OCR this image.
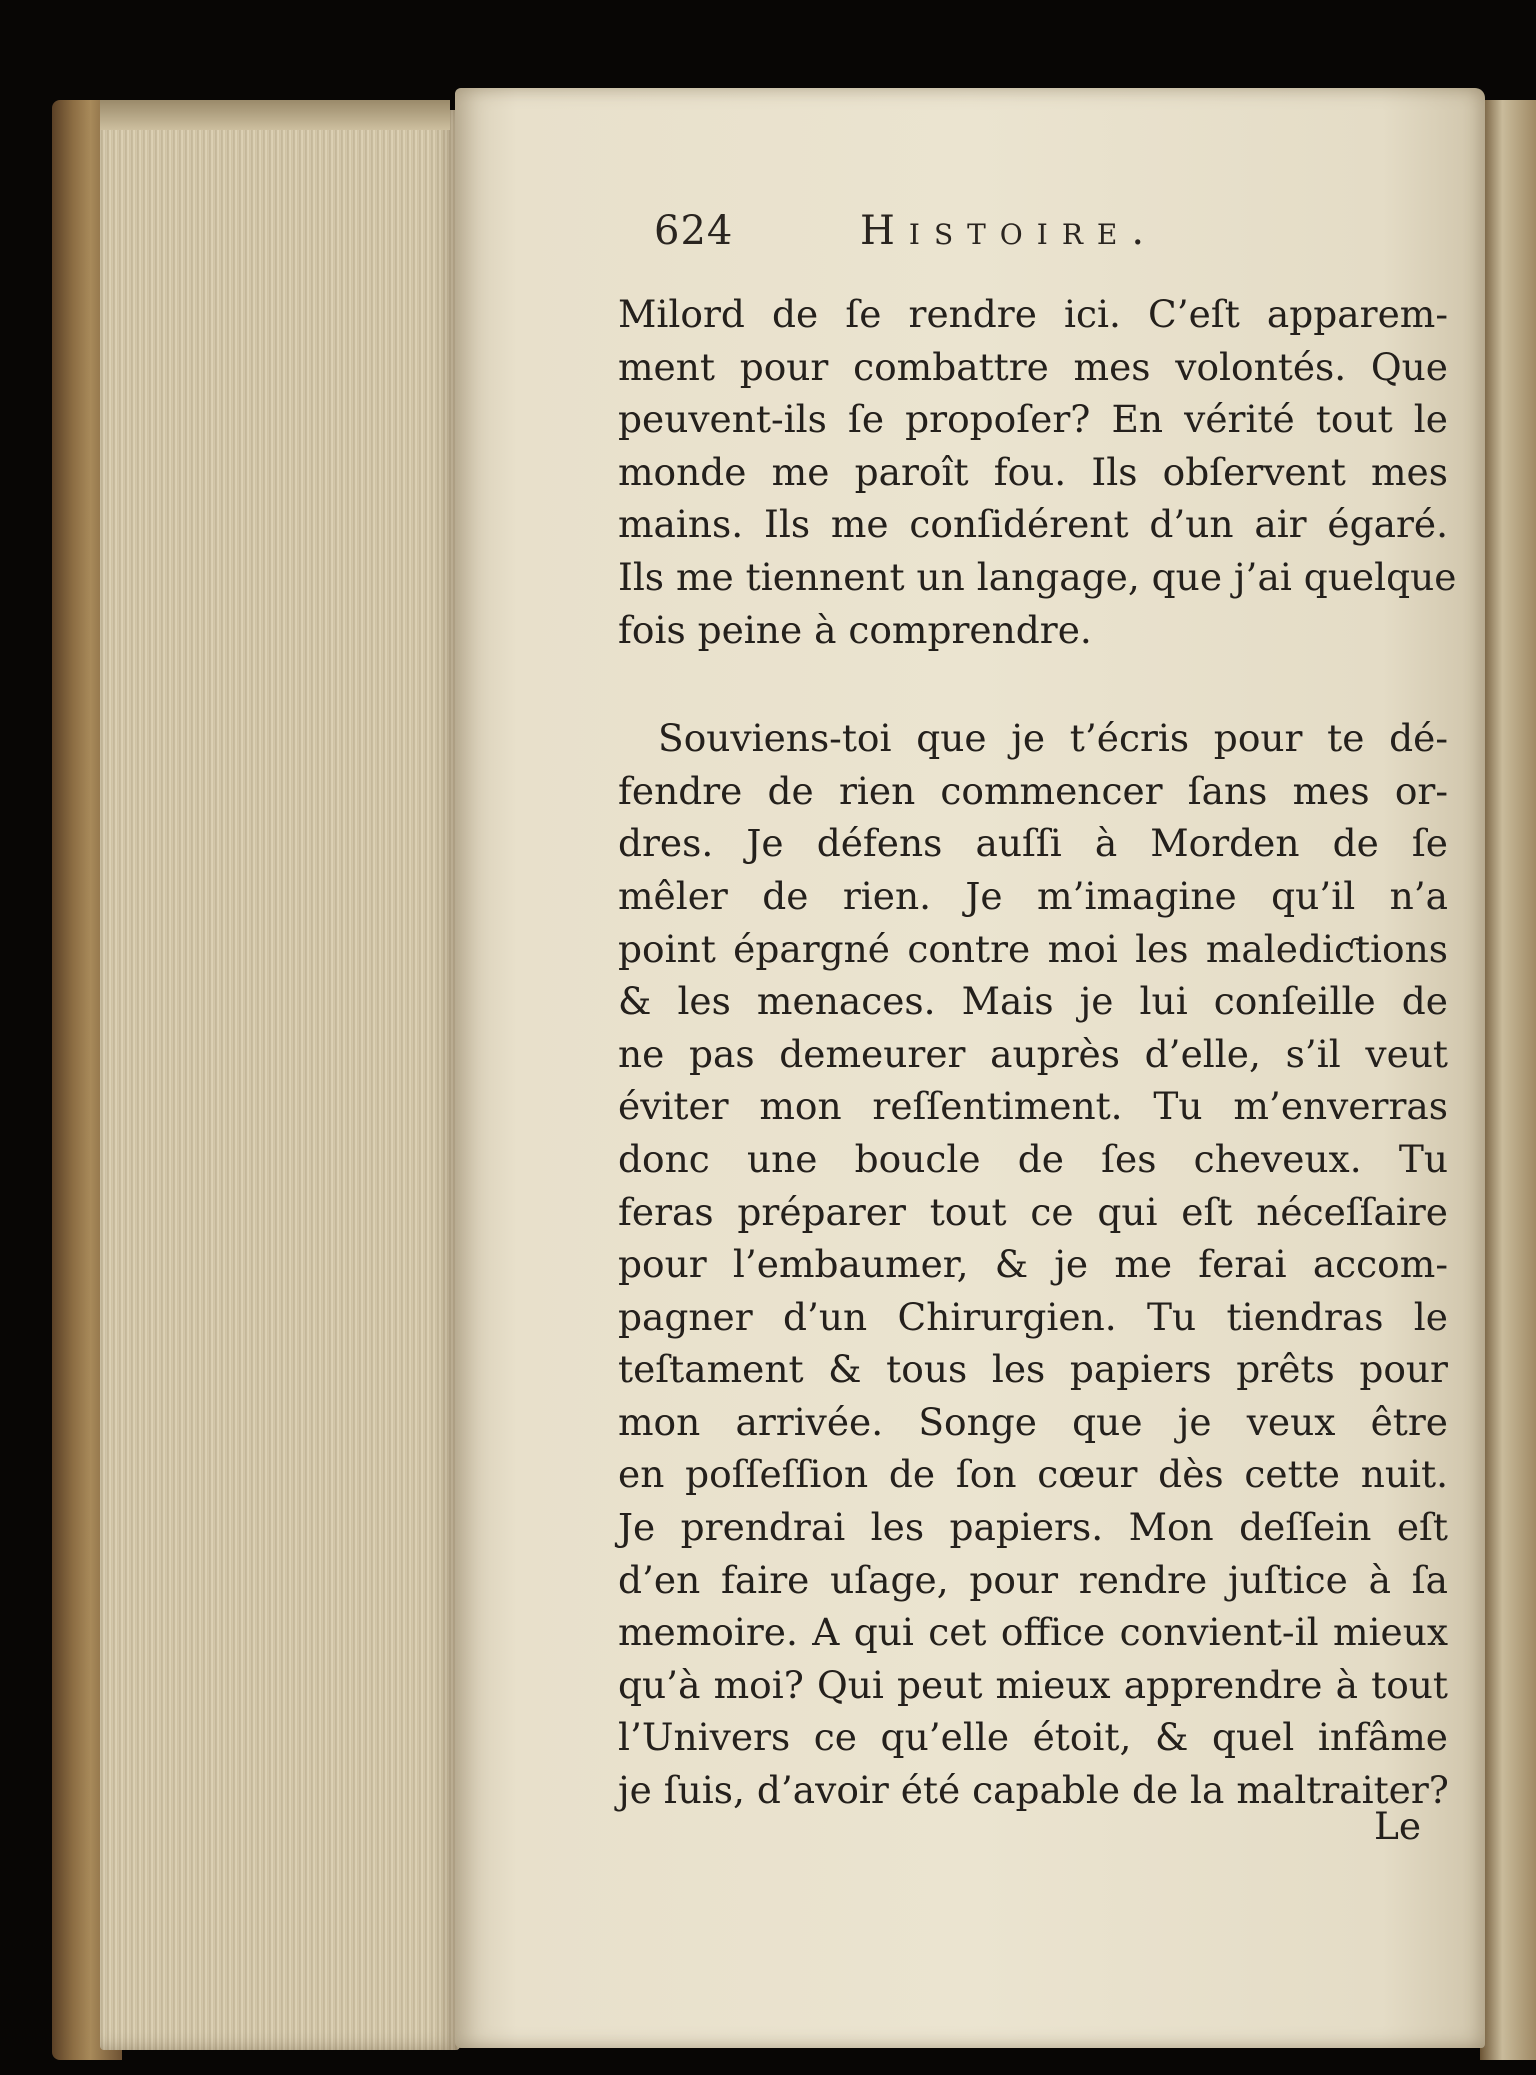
624	Histoire.
Milord de ſe rendre ici. C’eſt apparem-
ment pour combattre mes volontés. Que
peuvent-ils ſe propoſer? En vérité tout le
monde me paroît fou. Ils obſervent mes
mains. Ils me conſidérent d’un air égaré.
Ils me tiennent un langage, que j’ai quelque
fois peine à comprendre.
Souviens-toi que je t’écris pour te dé-
fendre de rien commencer ſans mes or-
dres. Je défens auſſi à Morden de ſe
mêler de rien. Je m’imagine qu’il n’a
point épargné contre moi les malediƈtions
& les menaces. Mais je lui conſeille de
ne pas demeurer auprès d’elle, s’il veut
éviter mon reſſentiment. Tu m’enverras
donc une boucle de ſes cheveux. Tu
feras préparer tout ce qui eſt néceſſaire
pour l’embaumer, & je me ferai accom-
pagner d’un Chirurgien. Tu tiendras le
teſtament & tous les papiers prêts pour
mon arrivée. Songe que je veux être
en poſſeſſion de ſon cœur dès cette nuit.
Je prendrai les papiers. Mon deſſein eſt
d’en faire uſage, pour rendre juſtice à ſa
memoire. A qui cet office convient-il mieux
qu’à moi? Qui peut mieux apprendre à tout
l’Univers ce qu’elle étoit, & quel infâme
je ſuis, d’avoir été capable de la maltraiter?
Le
